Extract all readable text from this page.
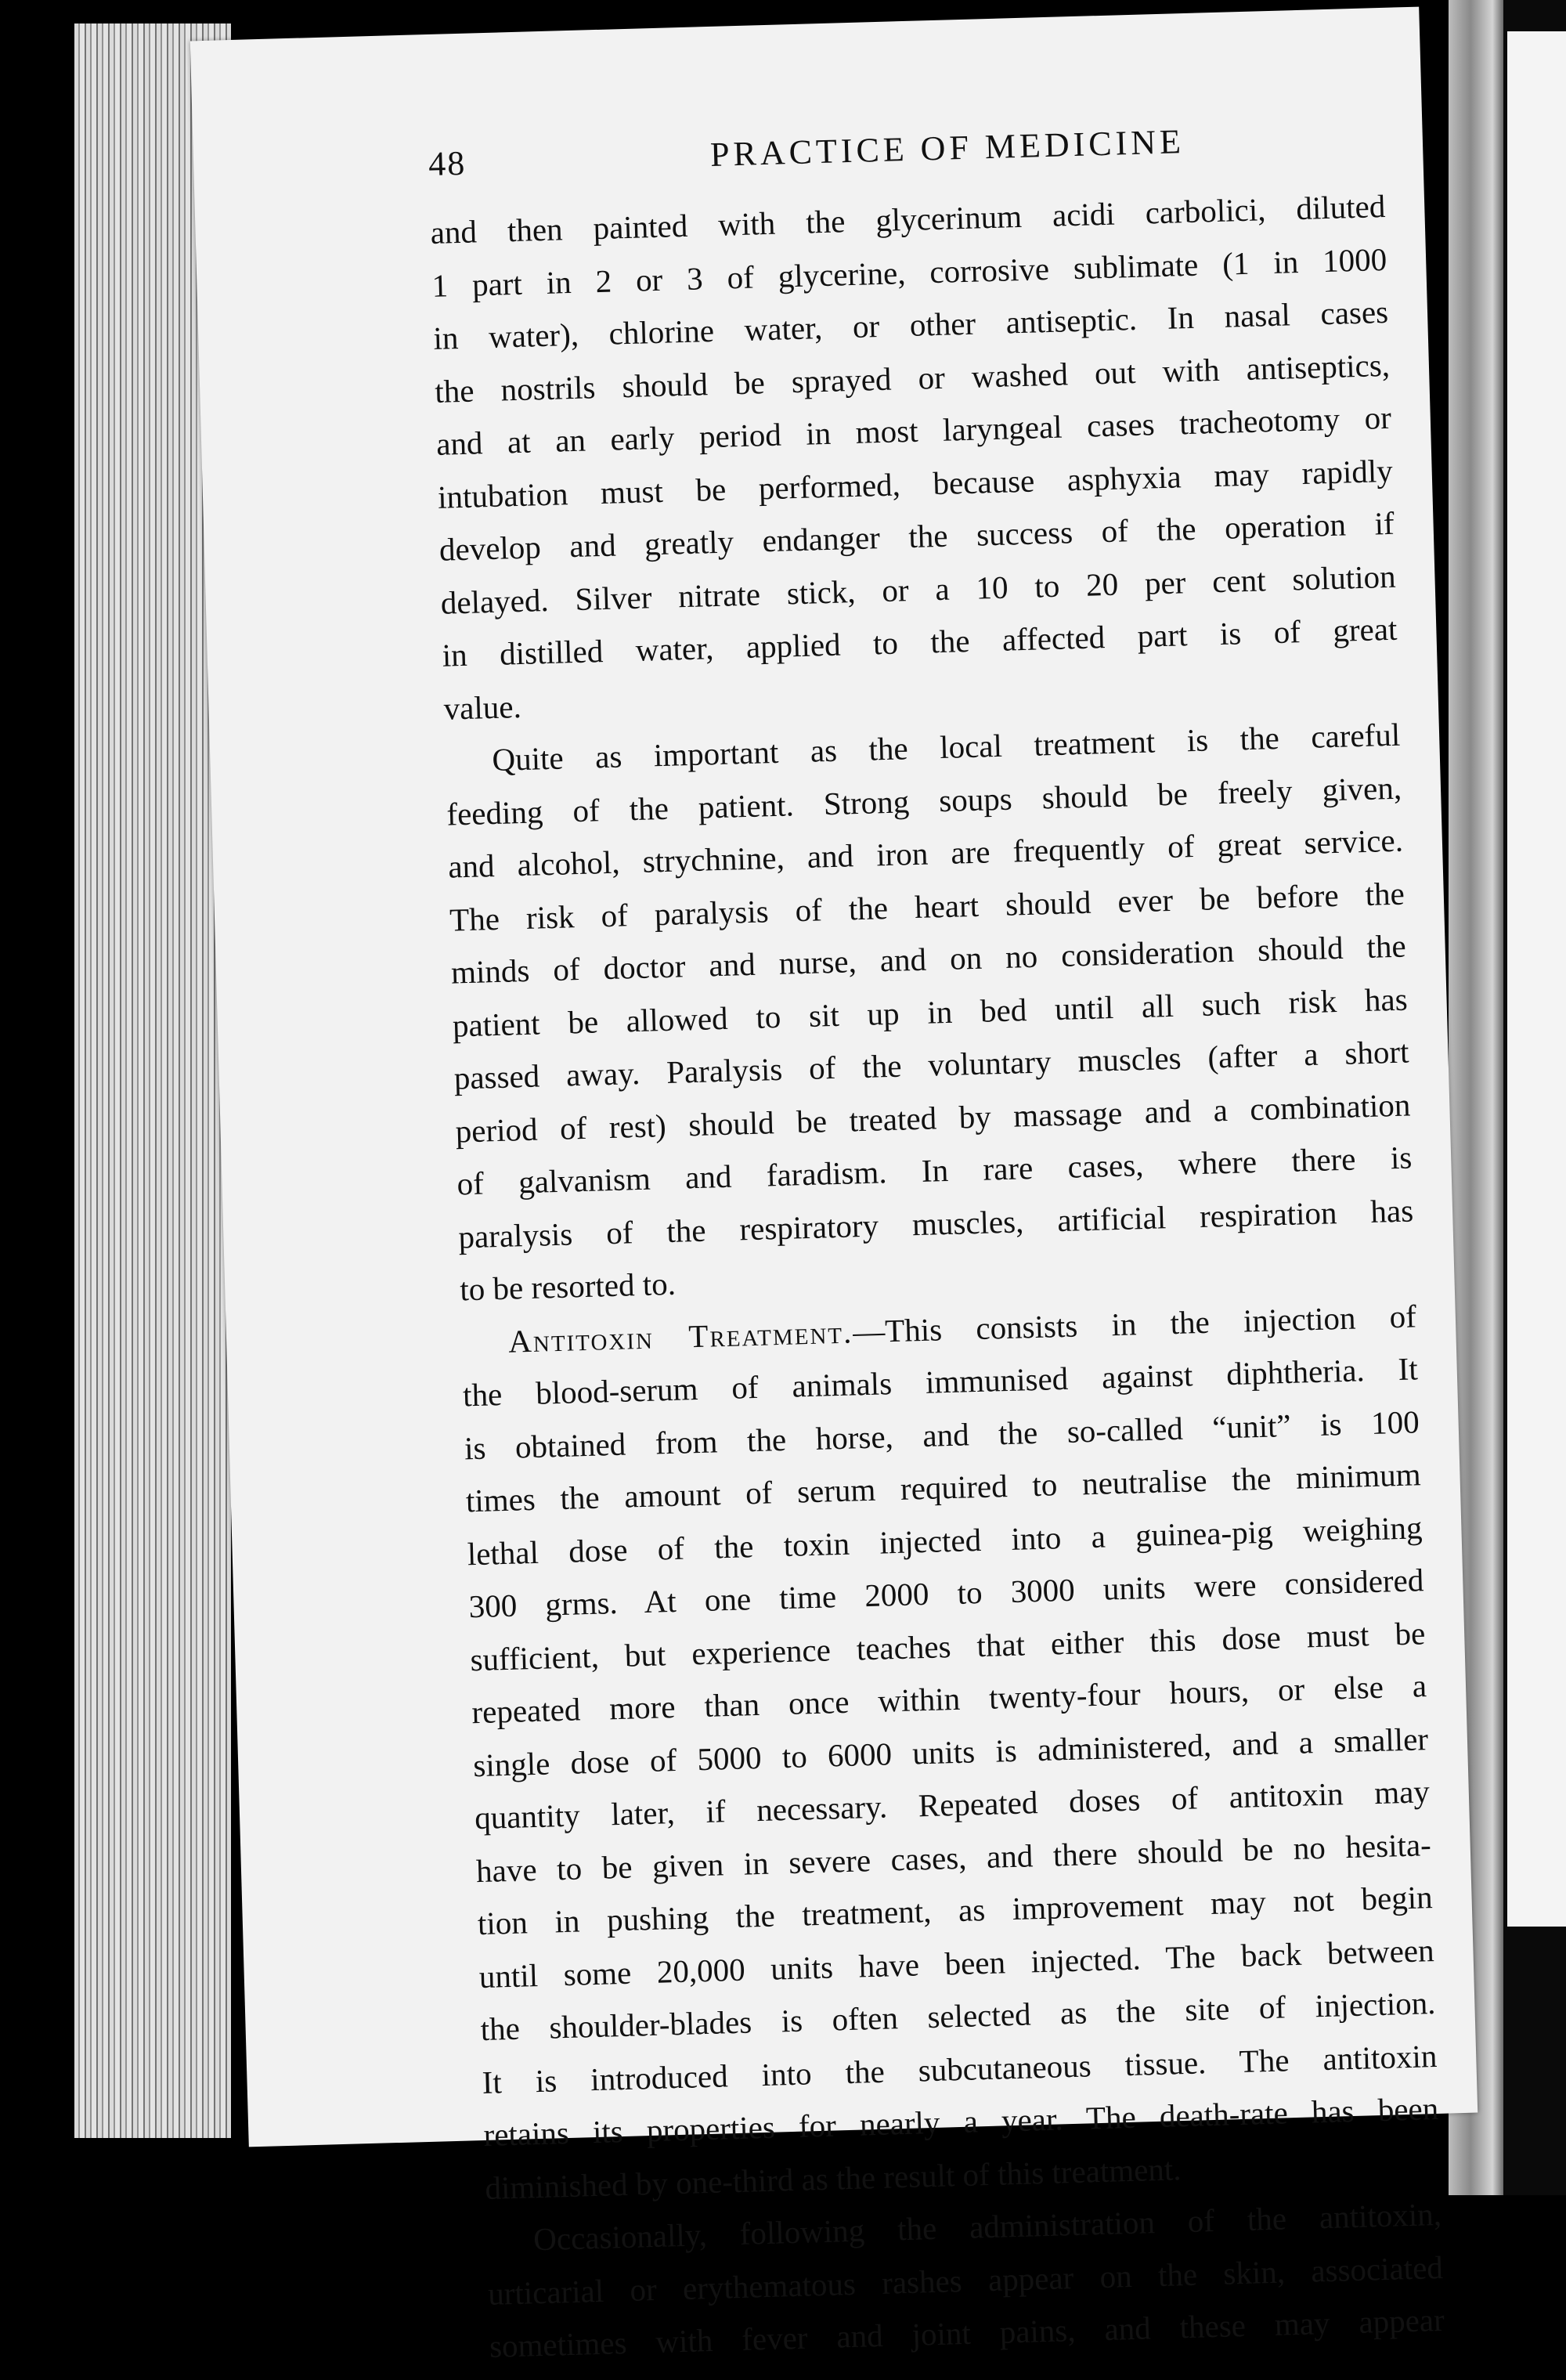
48	PRACTICE OF MEDICINE

and then painted with the glycerinum acidi carbolici, diluted
1 part in 2 or 3 of glycerine, corrosive sublimate (1 in 1000
in water), chlorine water, or other antiseptic. In nasal cases
the nostrils should be sprayed or washed out with antiseptics,
and at an early period in most laryngeal cases tracheotomy or
intubation must be performed, because asphyxia may rapidly
develop and greatly endanger the success of the operation if
delayed. Silver nitrate stick, or a 10 to 20 per cent solution
in distilled water, applied to the affected part is of great
value.

Quite as important as the local treatment is the careful
feeding of the patient. Strong soups should be freely given,
and alcohol, strychnine, and iron are frequently of great service.
The risk of paralysis of the heart should ever be before the
minds of doctor and nurse, and on no consideration should the
patient be allowed to sit up in bed until all such risk has
passed away. Paralysis of the voluntary muscles (after a short
period of rest) should be treated by massage and a combination
of galvanism and faradism. In rare cases, where there is
paralysis of the respiratory muscles, artificial respiration has
to be resorted to.

Antitoxin Treatment.—This consists in the injection of
the blood-serum of animals immunised against diphtheria. It
is obtained from the horse, and the so-called “unit” is 100
times the amount of serum required to neutralise the minimum
lethal dose of the toxin injected into a guinea-pig weighing
300 grms. At one time 2000 to 3000 units were considered
sufficient, but experience teaches that either this dose must be
repeated more than once within twenty-four hours, or else a
single dose of 5000 to 6000 units is administered, and a smaller
quantity later, if necessary. Repeated doses of antitoxin may
have to be given in severe cases, and there should be no hesita-
tion in pushing the treatment, as improvement may not begin
until some 20,000 units have been injected. The back between
the shoulder-blades is often selected as the site of injection.
It is introduced into the subcutaneous tissue. The antitoxin
retains its properties for nearly a year. The death-rate has been
diminished by one-third as the result of this treatment.

Occasionally, following the administration of the antitoxin,
urticarial or erythematous rashes appear on the skin, associated
sometimes with fever and joint pains, and these may appear
